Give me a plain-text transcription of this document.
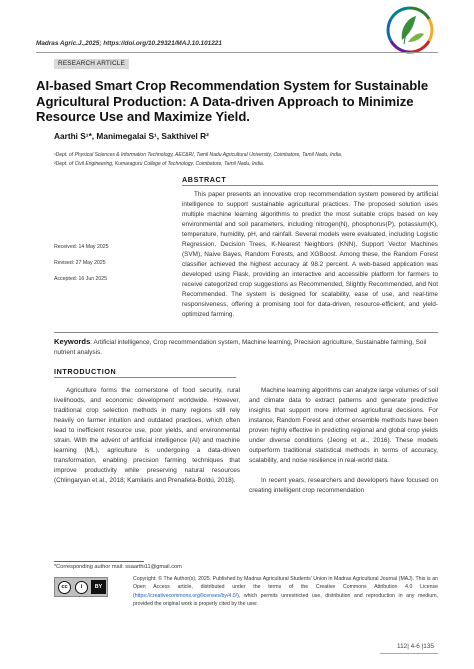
Madras Agric.J.,2025; https://doi.org/10.29321/MAJ.10.101221
RESEARCH ARTICLE
AI-based Smart Crop Recommendation System for Sustainable Agricultural Production: A Data-driven Approach to Minimize Resource Use and Maximize Yield.
Aarthi S¹*, Manimegalai S¹, Sakthivel R²
¹Dept. of Physical Sciences & Information Technology, AEC&RI, Tamil Nadu Agricultural University, Coimbatore, Tamil Nadu, India.
²Dept. of Civil Engineering, Kumaraguru College of Technology, Coimbatore, Tamil Nadu, India.
ABSTRACT
This paper presents an innovative crop recommendation system powered by artificial intelligence to support sustainable agricultural practices. The proposed solution uses multiple machine learning algorithms to predict the most suitable crops based on key environmental and soil parameters, including nitrogen(N), phosphorus(P), potassium(K), temperature, humidity, pH, and rainfall. Several models were evaluated, including Logistic Regression, Decision Trees, K-Nearest Neighbors (KNN), Support Vector Machines (SVM), Naive Bayes, Random Forests, and XGBoost. Among these, the Random Forest classifier achieved the highest accuracy at 98.2 percent. A web-based application was developed using Flask, providing an interactive and accessible platform for farmers to receive categorized crop suggestions as Recommended, Slightly Recommended, and Not Recommended. The system is designed for scalability, ease of use, and real-time responsiveness, offering a promising tool for data-driven, resource-efficient, and yield-optimized farming.
Received: 14 May 2025
Revised: 27 May 2025
Accepted: 16 Jun 2025
Keywords: Artificial intelligence, Crop recommendation system, Machine learning, Precision agriculture, Sustainable farming, Soil nutrient analysis.
INTRODUCTION

Agriculture forms the cornerstone of food security, rural livelihoods, and economic development worldwide. However, traditional crop selection methods in many regions still rely heavily on farmer intuition and outdated practices, which often lead to inefficient resource use, poor yields, and environmental strain. With the advent of artificial intelligence (AI) and machine learning (ML), agriculture is undergoing a data-driven transformation, enabling precision farming techniques that improve productivity while preserving natural resources (Chlingaryan et al., 2018; Kamilaris and Prenafeta-Boldú, 2018).

Machine learning algorithms can analyze large volumes of soil and climate data to extract patterns and generate predictive insights that support more informed agricultural decisions. For instance, Random Forest and other ensemble methods have been proven highly effective in predicting regional and global crop yields under diverse conditions (Jeong et al., 2016). These models outperform traditional statistical methods in terms of accuracy, scalability, and noise resilience in real-world data.

In recent years, researchers and developers have focused on creating intelligent crop recommendation

*Corresponding author mail: ssaarthi11@gmail.com
cc	i	BY
Copyright: © The Author(s), 2025. Published by Madras Agricultural Students' Union in Madras Agricultural Journal (MAJ). This is an Open Access article, distributed under the terms of the Creative Commons Attribution 4.0 License (https://creativecommons.org/licenses/by/4.0/), which permits unrestricted use, distribution and reproduction in any medium, provided the original work is properly cited by the user.
112| 4-6 |135
